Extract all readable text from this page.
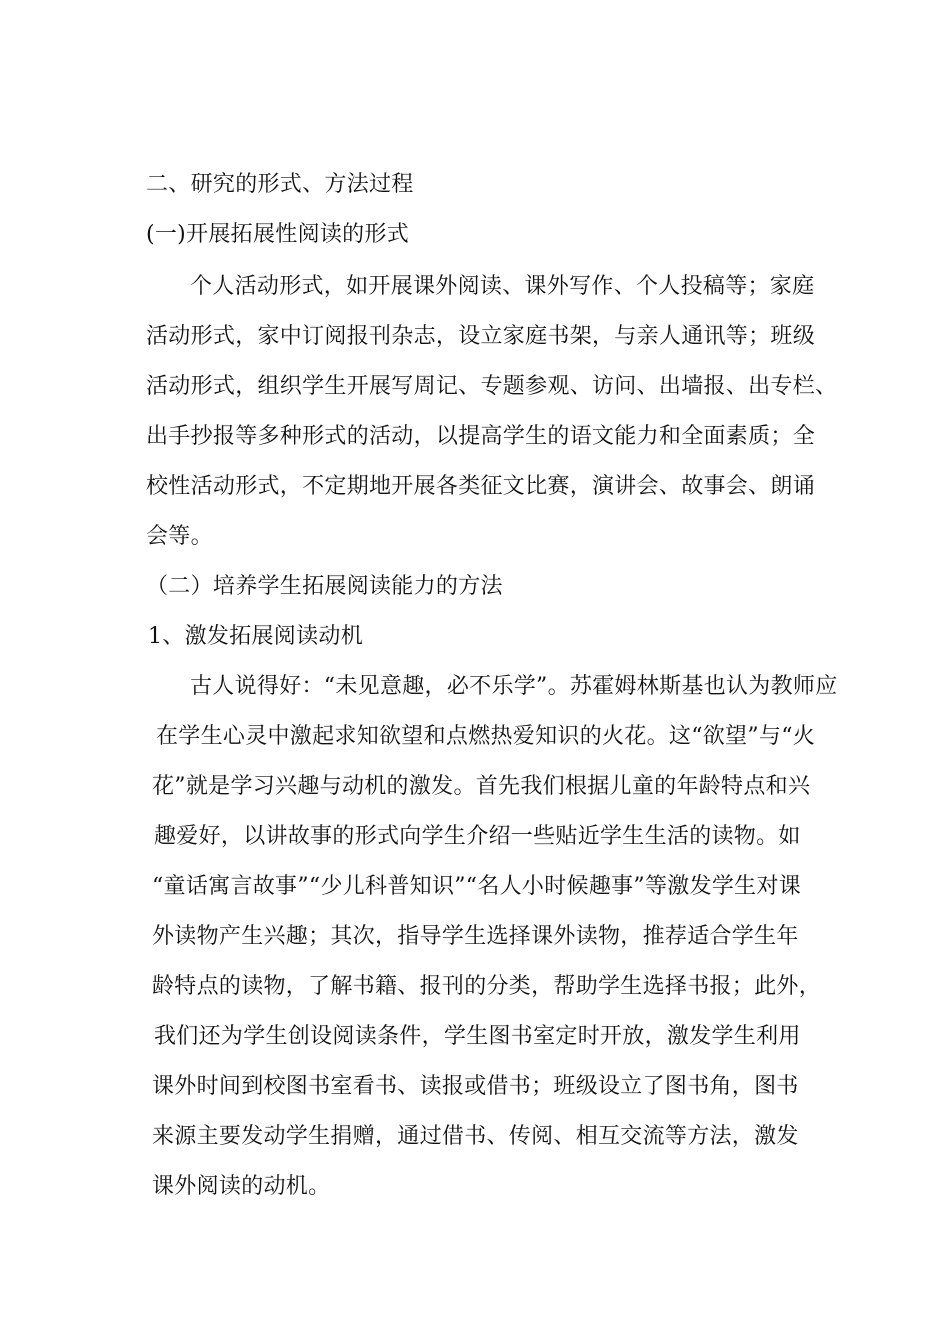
二、研究的形式、方法过程
(一)开展拓展性阅读的形式
个人活动形式，如开展课外阅读、课外写作、个人投稿等；家庭
活动形式，家中订阅报刊杂志，设立家庭书架，与亲人通讯等；班级
活动形式，组织学生开展写周记、专题参观、访问、出墙报、出专栏、
出手抄报等多种形式的活动，以提高学生的语文能力和全面素质；全
校性活动形式，不定期地开展各类征文比赛，演讲会、故事会、朗诵
会等。
（二）培养学生拓展阅读能力的方法
1、激发拓展阅读动机
古人说得好：“未见意趣，必不乐学”。苏霍姆林斯基也认为教师应
在学生心灵中激起求知欲望和点燃热爱知识的火花。这“欲望”与“火
花”就是学习兴趣与动机的激发。首先我们根据儿童的年龄特点和兴
趣爱好，以讲故事的形式向学生介绍一些贴近学生生活的读物。如
“童话寓言故事”“少儿科普知识”“名人小时候趣事”等激发学生对课
外读物产生兴趣；其次，指导学生选择课外读物，推荐适合学生年
龄特点的读物，了解书籍、报刊的分类，帮助学生选择书报；此外，
我们还为学生创设阅读条件，学生图书室定时开放，激发学生利用
课外时间到校图书室看书、读报或借书；班级设立了图书角，图书
来源主要发动学生捐赠，通过借书、传阅、相互交流等方法，激发
课外阅读的动机。
